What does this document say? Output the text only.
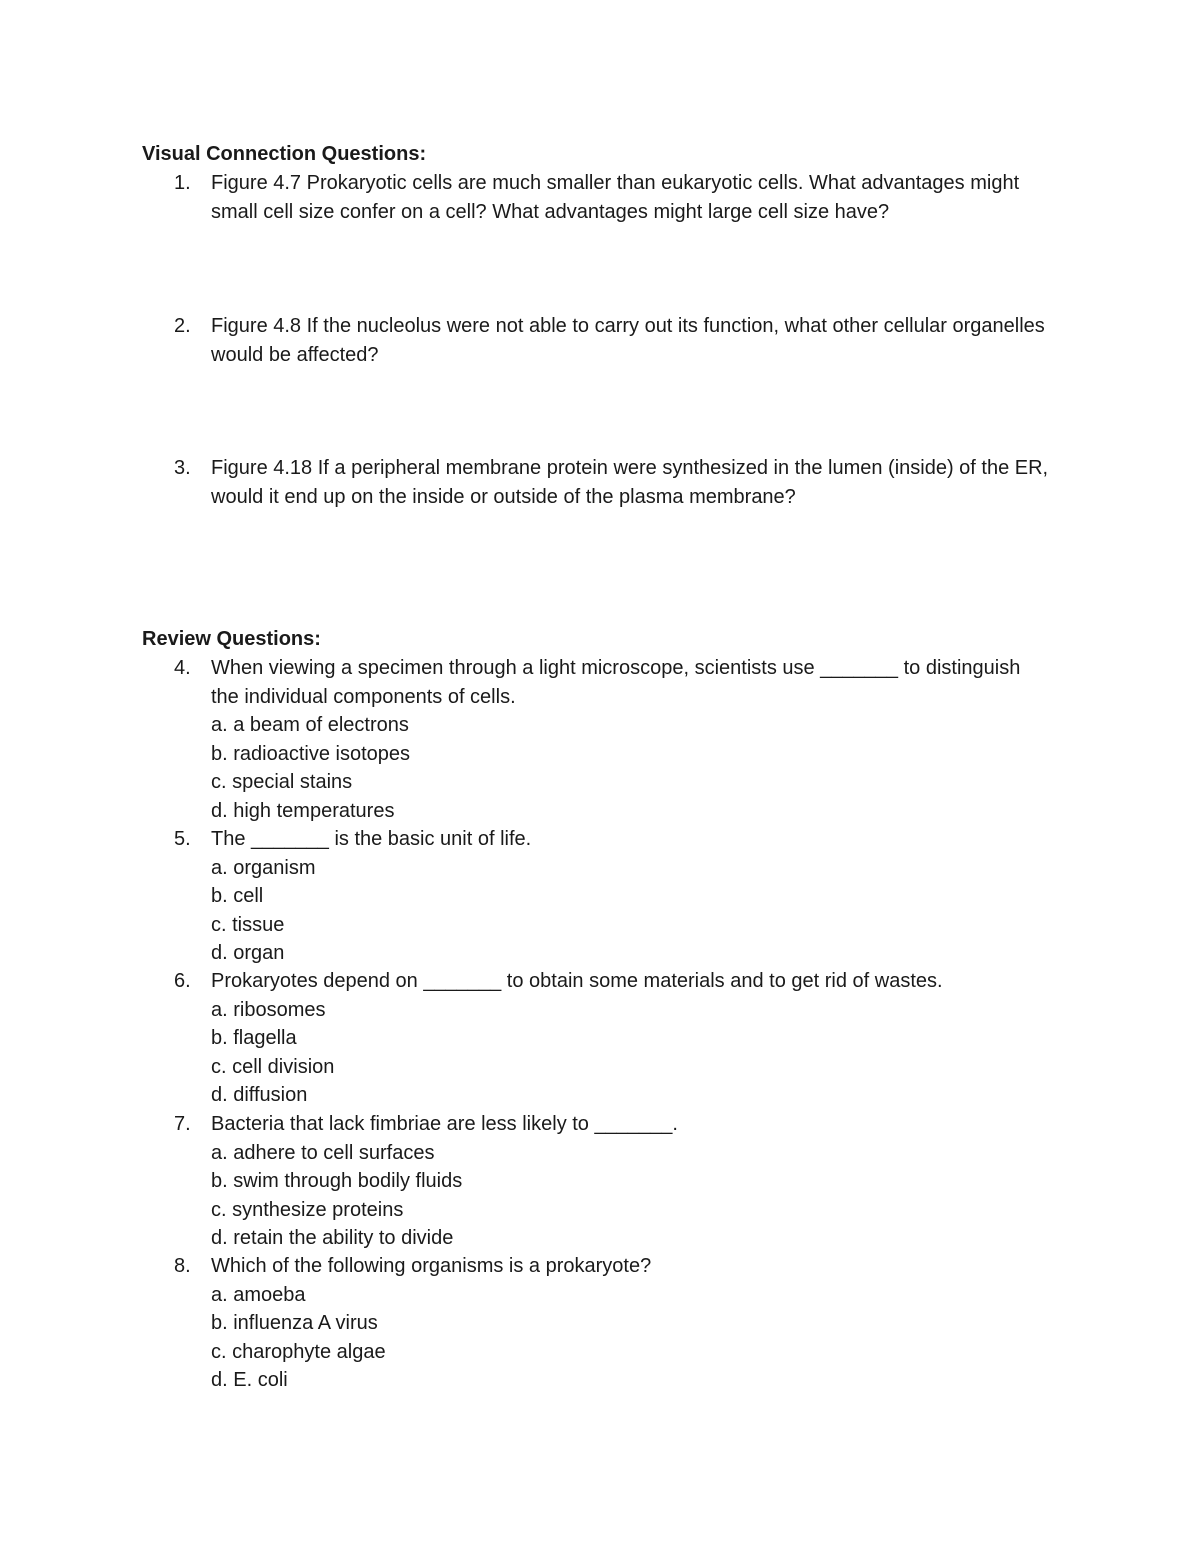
Visual Connection Questions:
1.	Figure 4.7 Prokaryotic cells are much smaller than eukaryotic cells. What advantages might small cell size confer on a cell? What advantages might large cell size have?

2.	Figure 4.8 If the nucleolus were not able to carry out its function, what other cellular organelles would be affected?

3.	Figure 4.18 If a peripheral membrane protein were synthesized in the lumen (inside) of the ER, would it end up on the inside or outside of the plasma membrane?

Review Questions:
4.	When viewing a specimen through a light microscope, scientists use _______ to distinguish the individual components of cells.

a. a beam of electrons
b. radioactive isotopes
c. special stains
d. high temperatures
5.	The _______ is the basic unit of life.

a. organism
b. cell
c. tissue
d. organ
6.	Prokaryotes depend on _______ to obtain some materials and to get rid of wastes.

a. ribosomes
b. flagella
c. cell division
d. diffusion
7.	Bacteria that lack fimbriae are less likely to _______.

a. adhere to cell surfaces
b. swim through bodily fluids
c. synthesize proteins
d. retain the ability to divide
8.	Which of the following organisms is a prokaryote?

a. amoeba
b. influenza A virus
c. charophyte algae
d. E. coli
